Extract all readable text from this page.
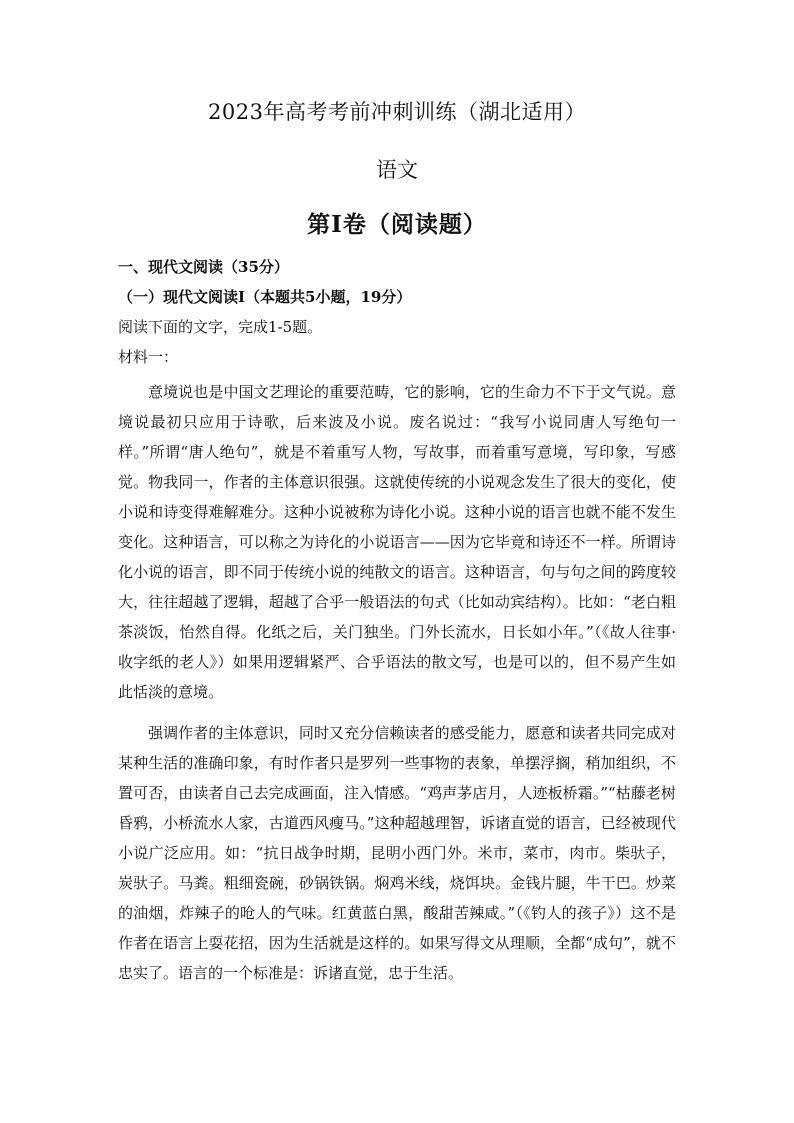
2023年高考考前冲刺训练（湖北适用）
语文
第Ⅰ卷（阅读题）
一、现代文阅读（35分）
（一）现代文阅读Ⅰ（本题共5小题，19分）
阅读下面的文字，完成1-5题。
材料一：

意境说也是中国文艺理论的重要范畴，它的影响，它的生命力不下于文气说。意境说最初只应用于诗歌，后来波及小说。废名说过：“我写小说同唐人写绝句一样。”所谓“唐人绝句”，就是不着重写人物，写故事，而着重写意境，写印象，写感觉。物我同一，作者的主体意识很强。这就使传统的小说观念发生了很大的变化，使小说和诗变得难解难分。这种小说被称为诗化小说。这种小说的语言也就不能不发生变化。这种语言，可以称之为诗化的小说语言——因为它毕竟和诗还不一样。所谓诗化小说的语言，即不同于传统小说的纯散文的语言。这种语言，句与句之间的跨度较大，往往超越了逻辑，超越了合乎一般语法的句式（比如动宾结构）。比如：“老白粗茶淡饭，怡然自得。化纸之后，关门独坐。门外长流水，日长如小年。”（《故人往事·收字纸的老人》）如果用逻辑紧严、合乎语法的散文写，也是可以的，但不易产生如此恬淡的意境。

强调作者的主体意识，同时又充分信赖读者的感受能力，愿意和读者共同完成对某种生活的准确印象，有时作者只是罗列一些事物的表象，单摆浮搁，稍加组织，不置可否，由读者自己去完成画面，注入情感。“鸡声茅店月，人迹板桥霜。”“枯藤老树昏鸦，小桥流水人家，古道西风瘦马。”这种超越理智，诉诸直觉的语言，已经被现代小说广泛应用。如：“抗日战争时期，昆明小西门外。米市，菜市，肉市。柴驮子，炭驮子。马粪。粗细瓷碗，砂锅铁锅。焖鸡米线，烧饵块。金钱片腿，牛干巴。炒菜的油烟，炸辣子的呛人的气味。红黄蓝白黑，酸甜苦辣咸。”（《钓人的孩子》）这不是作者在语言上耍花招，因为生活就是这样的。如果写得文从理顺，全都“成句”，就不忠实了。语言的一个标准是：诉诸直觉，忠于生活。
